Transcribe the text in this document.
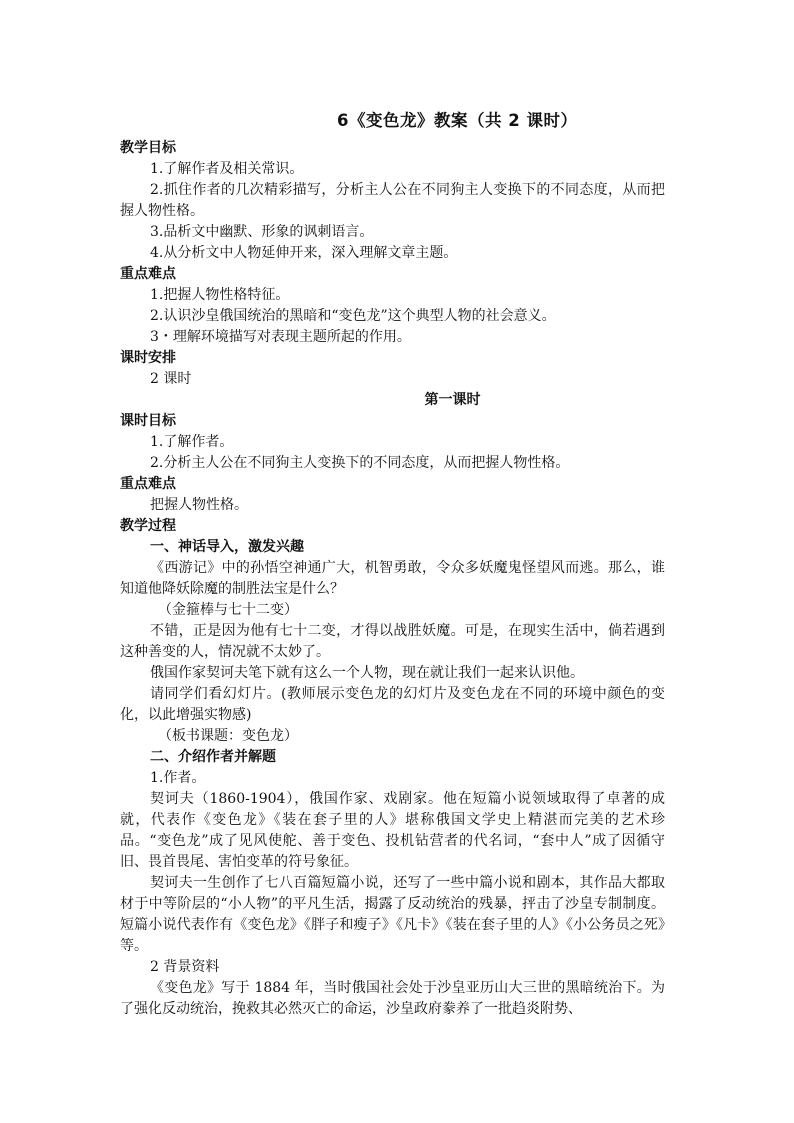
6《变色龙》教案（共 2 课时）
教学目标
1.了解作者及相关常识。
2.抓住作者的几次精彩描写，分析主人公在不同狗主人变换下的不同态度，从而把握人物性格。
3.品析文中幽默、形象的讽刺语言。
4.从分析文中人物延伸开来，深入理解文章主题。
重点难点
1.把握人物性格特征。
2.认识沙皇俄国统治的黑暗和“变色龙”这个典型人物的社会意义。
3・理解环境描写对表现主题所起的作用。
课时安排
2 课时
第一课时
课时目标
1.了解作者。
2.分析主人公在不同狗主人变换下的不同态度，从而把握人物性格。
重点难点
把握人物性格。
教学过程
一、神话导入，激发兴趣
《西游记》中的孙悟空神通广大，机智勇敢，令众多妖魔鬼怪望风而逃。那么，谁知道他降妖除魔的制胜法宝是什么？
（金箍棒与七十二变）
不错，正是因为他有七十二变，才得以战胜妖魔。可是，在现实生活中，倘若遇到这种善变的人，情况就不太妙了。
俄国作家契诃夫笔下就有这么一个人物，现在就让我们一起来认识他。
请同学们看幻灯片。(教师展示变色龙的幻灯片及变色龙在不同的环境中颜色的变化，以此增强实物感)
（板书课题：变色龙）
二、介绍作者并解题
1.作者。
契诃夫（1860-1904），俄国作家、戏剧家。他在短篇小说领域取得了卓著的成就，代表作《变色龙》《装在套子里的人》堪称俄国文学史上精湛而完美的艺术珍品。“变色龙”成了见风使舵、善于变色、投机钻营者的代名词，“套中人”成了因循守旧、畏首畏尾、害怕变革的符号象征。
契诃夫一生创作了七八百篇短篇小说，还写了一些中篇小说和剧本，其作品大都取材于中等阶层的“小人物”的平凡生活，揭露了反动统治的残暴，抨击了沙皇专制制度。短篇小说代表作有《变色龙》《胖子和瘦子》《凡卡》《装在套子里的人》《小公务员之死》等。
2 背景资料
《变色龙》写于 1884 年，当时俄国社会处于沙皇亚历山大三世的黑暗统治下。为了强化反动统治，挽救其必然灭亡的命运，沙皇政府豢养了一批趋炎附势、
